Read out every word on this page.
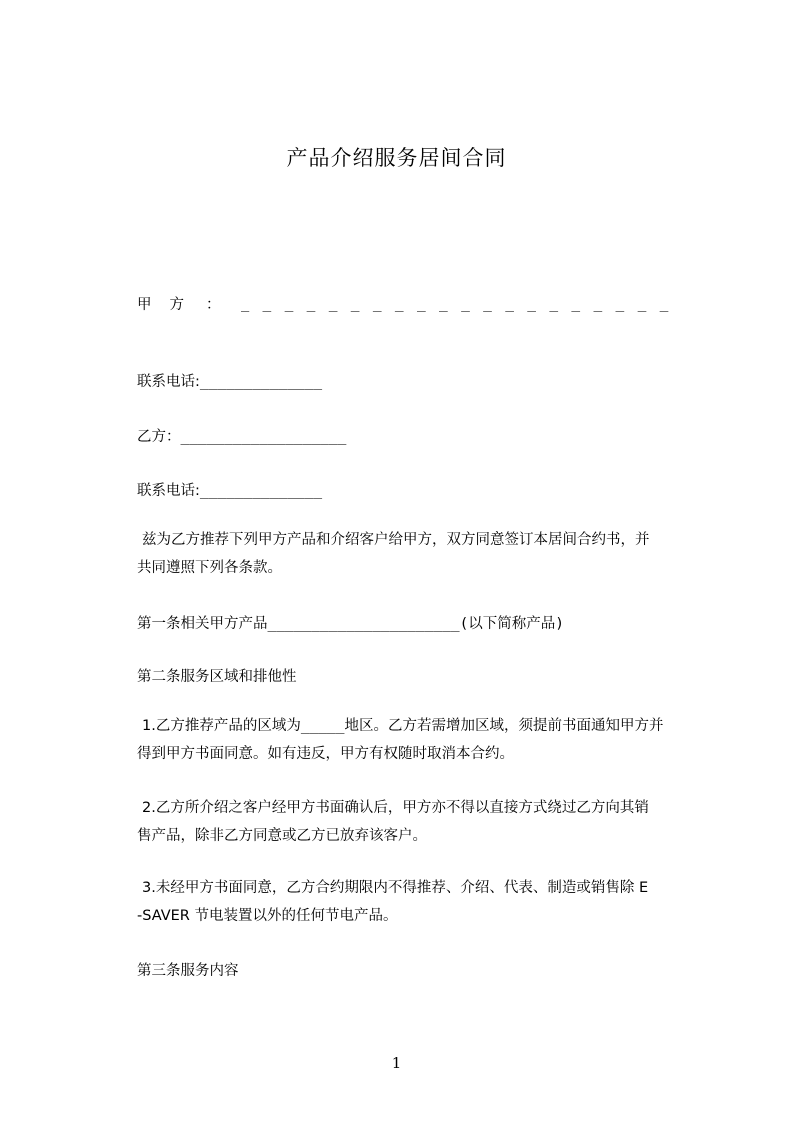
产品介绍服务居间合同
甲方 ： _ _ _ _ _ _ _ _ _ _ _ _ _ _ _ _ _ _ _ _
联系电话:______________
乙方：___________________
联系电话:______________
兹为乙方推荐下列甲方产品和介绍客户给甲方，双方同意签订本居间合约书，并
共同遵照下列各条款。
第一条相关甲方产品______________________(以下简称产品)
第二条服务区域和排他性
1.乙方推荐产品的区域为_____地区。乙方若需增加区域，须提前书面通知甲方并
得到甲方书面同意。如有违反，甲方有权随时取消本合约。
2.乙方所介绍之客户经甲方书面确认后，甲方亦不得以直接方式绕过乙方向其销
售产品，除非乙方同意或乙方已放弃该客户。
3.未经甲方书面同意，乙方合约期限内不得推荐、介绍、代表、制造或销售除 E
-SAVER 节电装置以外的任何节电产品。
第三条服务内容
1
